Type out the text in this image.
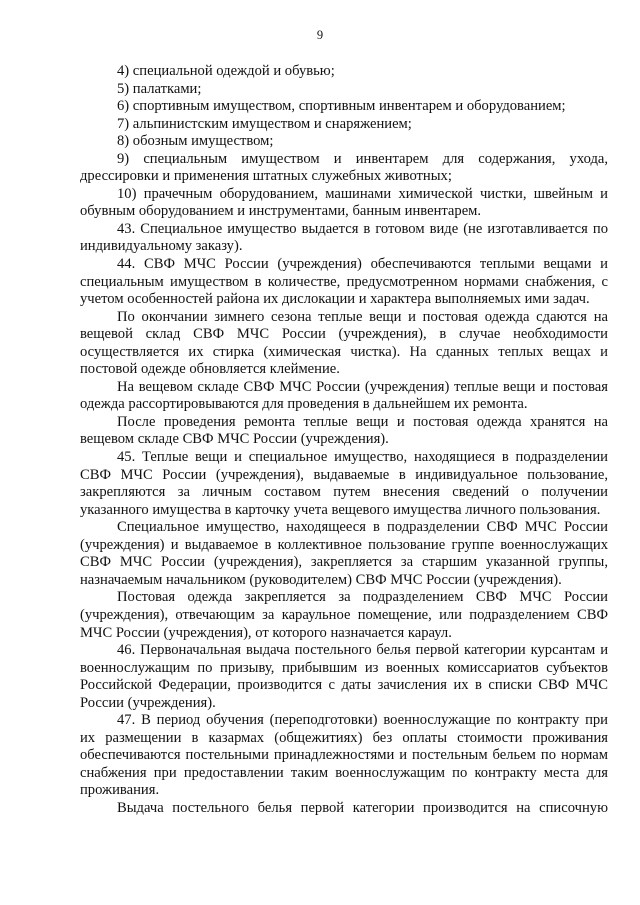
9

4) специальной одеждой и обувью;

5) палатками;

6) спортивным имуществом, спортивным инвентарем и оборудованием;

7) альпинистским имуществом и снаряжением;

8) обозным имуществом;

9) специальным имуществом и инвентарем для содержания, ухода, дрессировки и применения штатных служебных животных;

10) прачечным оборудованием, машинами химической чистки, швейным и обувным оборудованием и инструментами, банным инвентарем.

43. Специальное имущество выдается в готовом виде (не изготавливается по индивидуальному заказу).

44. СВФ МЧС России (учреждения) обеспечиваются теплыми вещами и специальным имуществом в количестве, предусмотренном нормами снабжения, с учетом особенностей района их дислокации и характера выполняемых ими задач.

По окончании зимнего сезона теплые вещи и постовая одежда сдаются на вещевой склад СВФ МЧС России (учреждения), в случае необходимости осуществляется их стирка (химическая чистка). На сданных теплых вещах и постовой одежде обновляется клеймение.

На вещевом складе СВФ МЧС России (учреждения) теплые вещи и постовая одежда рассортировываются для проведения в дальнейшем их ремонта.

После проведения ремонта теплые вещи и постовая одежда хранятся на вещевом складе СВФ МЧС России (учреждения).

45. Теплые вещи и специальное имущество, находящиеся в подразделении СВФ МЧС России (учреждения), выдаваемые в индивидуальное пользование, закрепляются за личным составом путем внесения сведений о получении указанного имущества в карточку учета вещевого имущества личного пользования.

Специальное имущество, находящееся в подразделении СВФ МЧС России (учреждения) и выдаваемое в коллективное пользование группе военнослужащих СВФ МЧС России (учреждения), закрепляется за старшим указанной группы, назначаемым начальником (руководителем) СВФ МЧС России (учреждения).

Постовая одежда закрепляется за подразделением СВФ МЧС России (учреждения), отвечающим за караульное помещение, или подразделением СВФ МЧС России (учреждения), от которого назначается караул.

46. Первоначальная выдача постельного белья первой категории курсантам и военнослужащим по призыву, прибывшим из военных комиссариатов субъектов Российской Федерации, производится с даты зачисления их в списки СВФ МЧС России (учреждения).

47. В период обучения (переподготовки) военнослужащие по контракту при их размещении в казармах (общежитиях) без оплаты стоимости проживания обеспечиваются постельными принадлежностями и постельным бельем по нормам снабжения при предоставлении таким военнослужащим по контракту места для проживания.

Выдача постельного белья первой категории производится на списочную
